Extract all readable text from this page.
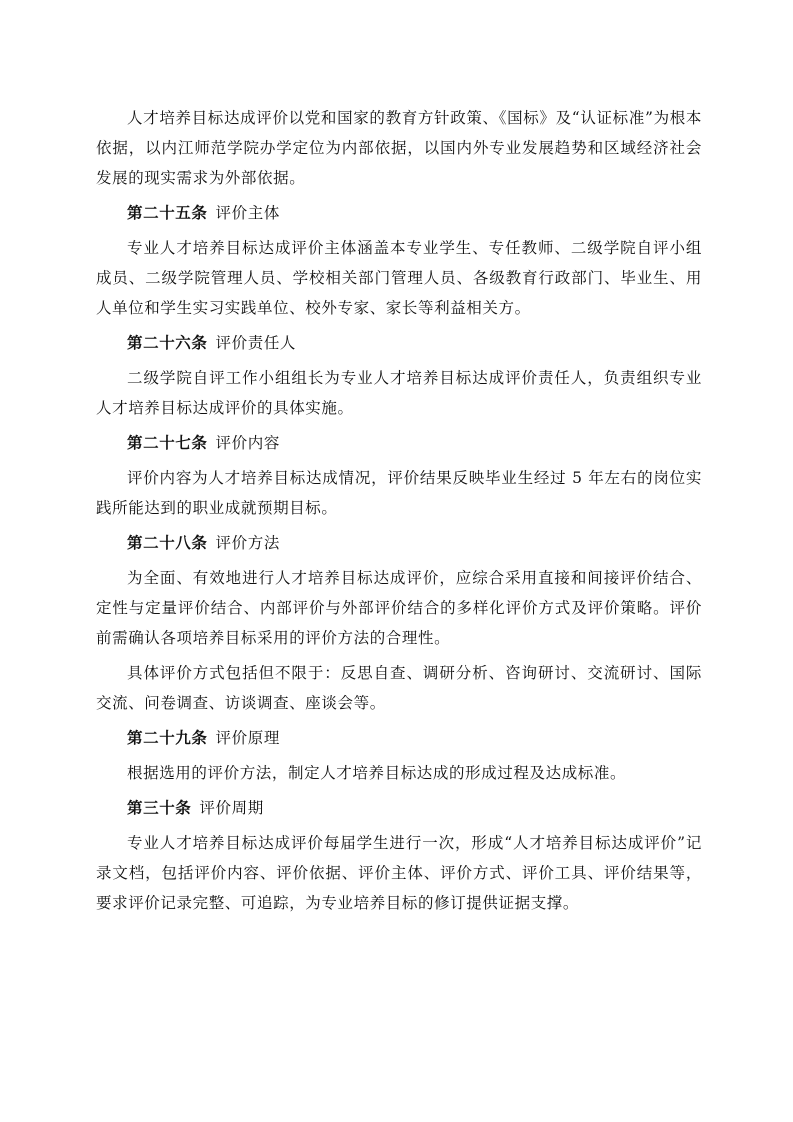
人才培养目标达成评价以党和国家的教育方针政策、《国标》及“认证标准”为根本依据，以内江师范学院办学定位为内部依据，以国内外专业发展趋势和区域经济社会发展的现实需求为外部依据。

第二十五条 评价主体

专业人才培养目标达成评价主体涵盖本专业学生、专任教师、二级学院自评小组成员、二级学院管理人员、学校相关部门管理人员、各级教育行政部门、毕业生、用人单位和学生实习实践单位、校外专家、家长等利益相关方。

第二十六条 评价责任人

二级学院自评工作小组组长为专业人才培养目标达成评价责任人，负责组织专业人才培养目标达成评价的具体实施。

第二十七条 评价内容

评价内容为人才培养目标达成情况，评价结果反映毕业生经过 5 年左右的岗位实践所能达到的职业成就预期目标。

第二十八条 评价方法

为全面、有效地进行人才培养目标达成评价，应综合采用直接和间接评价结合、定性与定量评价结合、内部评价与外部评价结合的多样化评价方式及评价策略。评价前需确认各项培养目标采用的评价方法的合理性。

具体评价方式包括但不限于：反思自查、调研分析、咨询研讨、交流研讨、国际交流、问卷调查、访谈调查、座谈会等。

第二十九条 评价原理

根据选用的评价方法，制定人才培养目标达成的形成过程及达成标准。

第三十条 评价周期

专业人才培养目标达成评价每届学生进行一次，形成“人才培养目标达成评价”记录文档，包括评价内容、评价依据、评价主体、评价方式、评价工具、评价结果等，要求评价记录完整、可追踪，为专业培养目标的修订提供证据支撑。
